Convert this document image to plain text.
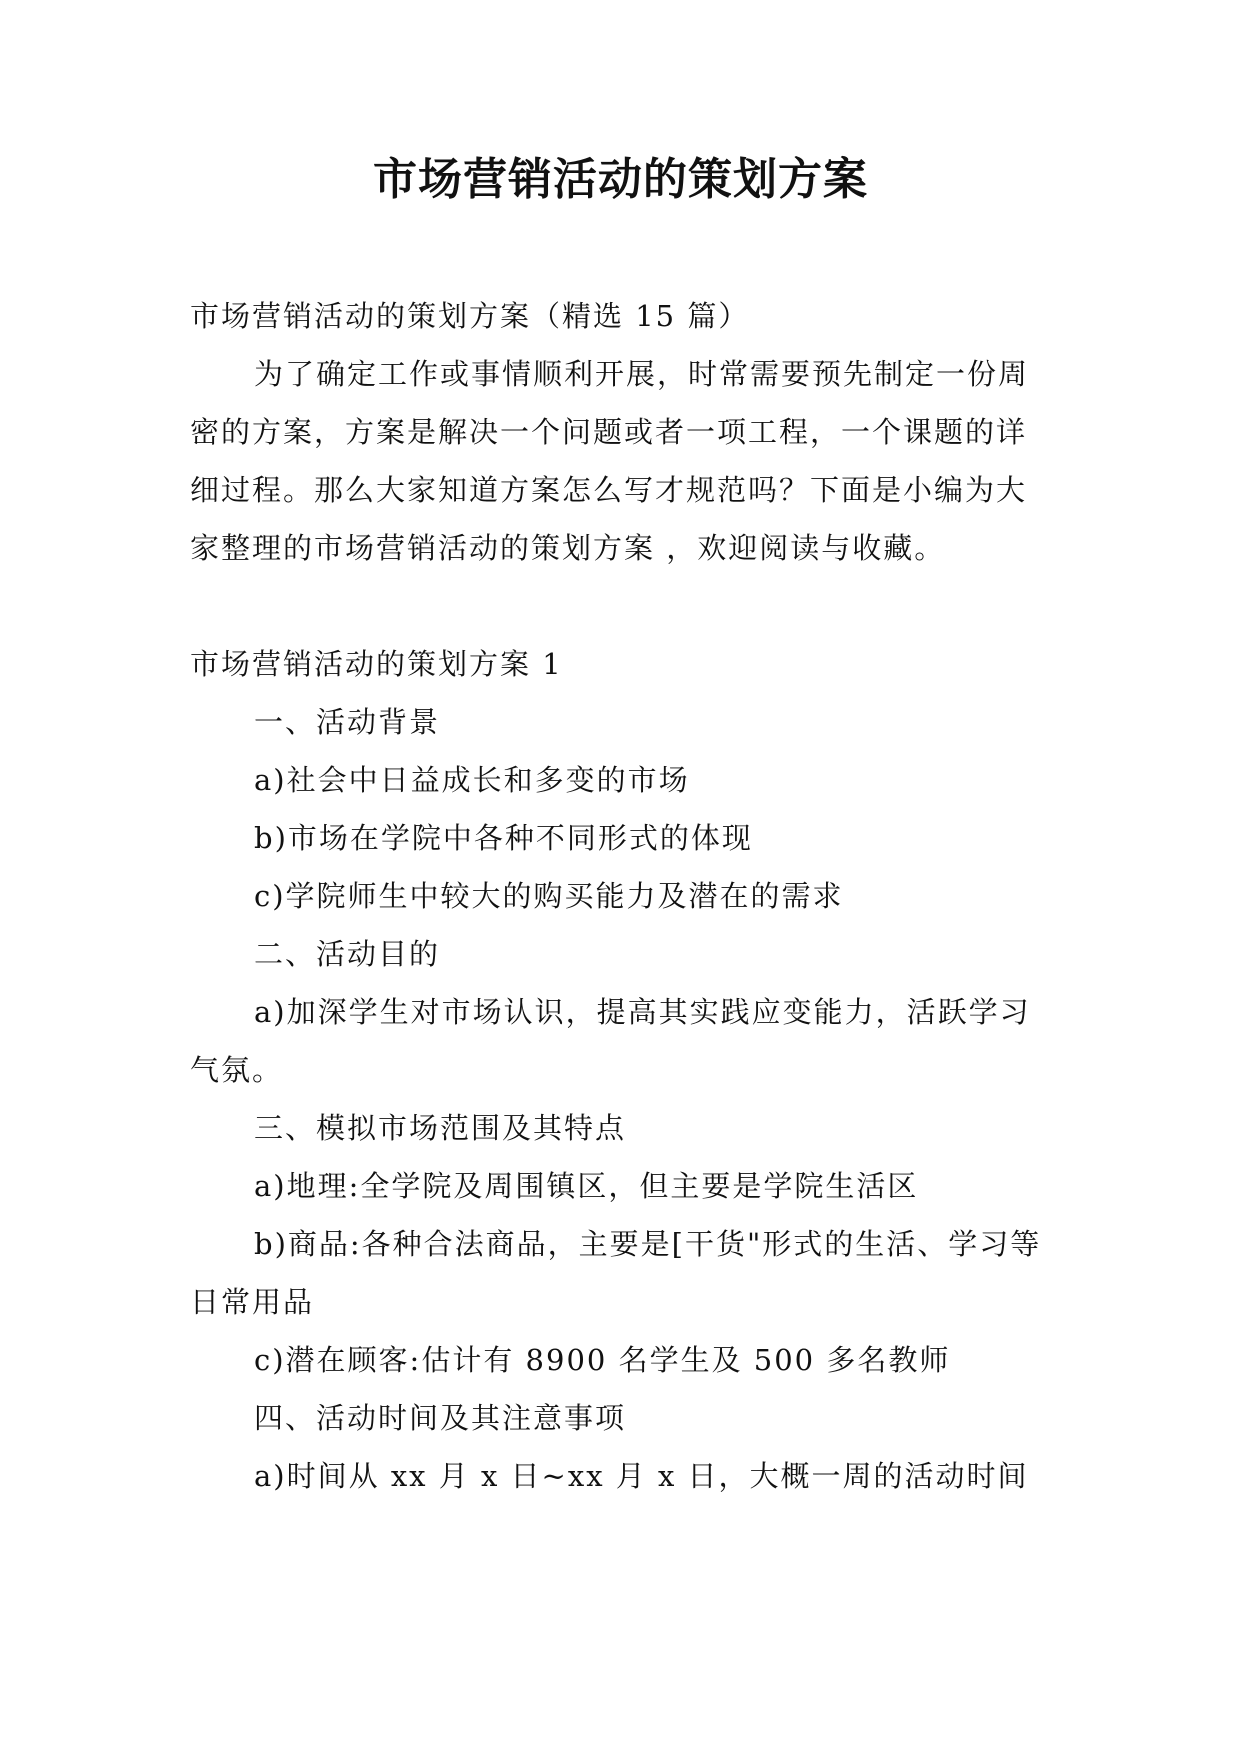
市场营销活动的策划方案
市场营销活动的策划方案（精选 15 篇）
为了确定工作或事情顺利开展，时常需要预先制定一份周密的方案，方案是解决一个问题或者一项工程，一个课题的详细过程。那么大家知道方案怎么写才规范吗？下面是小编为大家整理的市场营销活动的策划方案 ，欢迎阅读与收藏。
市场营销活动的策划方案 1
一、活动背景
a)社会中日益成长和多变的市场
b)市场在学院中各种不同形式的体现
c)学院师生中较大的购买能力及潜在的需求
二、活动目的
a)加深学生对市场认识，提高其实践应变能力，活跃学习气氛。
三、模拟市场范围及其特点
a)地理:全学院及周围镇区，但主要是学院生活区
b)商品:各种合法商品，主要是[干货"形式的生活、学习等日常用品
c)潜在顾客:估计有 8900 名学生及 500 多名教师
四、活动时间及其注意事项
a)时间从 xx 月 x 日~xx 月 x 日，大概一周的活动时间
